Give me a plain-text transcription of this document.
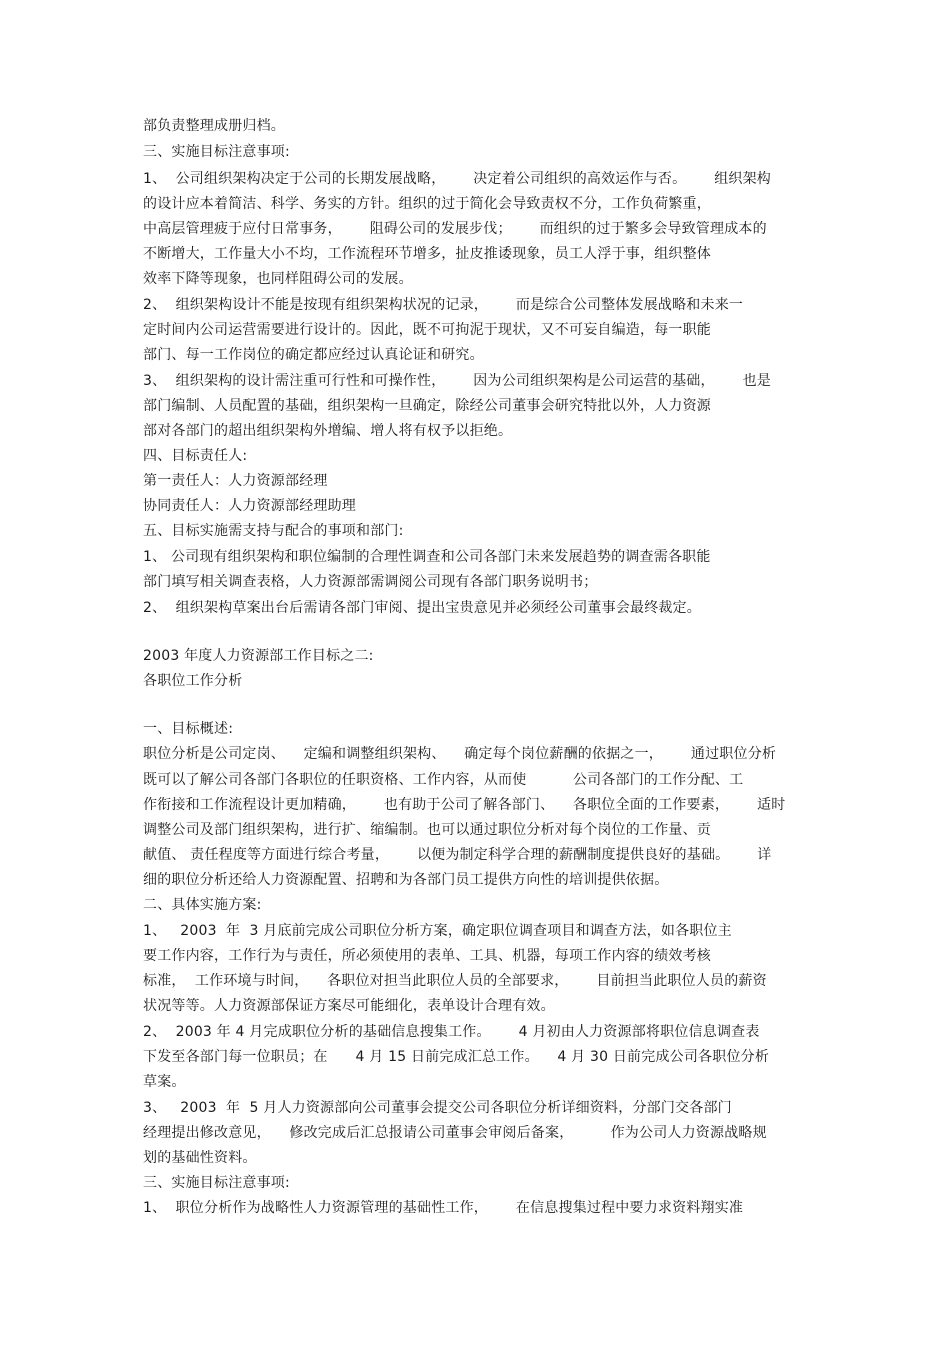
部负责整理成册归档。
三、实施目标注意事项:
1、  公司组织架构决定于公司的长期发展战略，      决定着公司组织的高效运作与否。      组织架构
的设计应本着简洁、科学、务实的方针。组织的过于简化会导致责权不分，工作负荷繁重，
中高层管理疲于应付日常事务，      阻碍公司的发展步伐；      而组织的过于繁多会导致管理成本的
不断增大，工作量大小不均，工作流程环节增多，扯皮推诿现象，员工人浮于事，组织整体
效率下降等现象，也同样阻碍公司的发展。
2、  组织架构设计不能是按现有组织架构状况的记录，      而是综合公司整体发展战略和未来一
定时间内公司运营需要进行设计的。因此，既不可拘泥于现状，又不可妄自编造，每一职能
部门、每一工作岗位的确定都应经过认真论证和研究。
3、  组织架构的设计需注重可行性和可操作性，      因为公司组织架构是公司运营的基础，      也是
部门编制、人员配置的基础，组织架构一旦确定，除经公司董事会研究特批以外，人力资源
部对各部门的超出组织架构外增编、增人将有权予以拒绝。
四、目标责任人:
第一责任人：人力资源部经理
协同责任人：人力资源部经理助理
五、目标实施需支持与配合的事项和部门:
1、 公司现有组织架构和职位编制的合理性调查和公司各部门未来发展趋势的调查需各职能
部门填写相关调查表格，人力资源部需调阅公司现有各部门职务说明书；
2、  组织架构草案出台后需请各部门审阅、提出宝贵意见并必须经公司董事会最终裁定。
2003 年度人力资源部工作目标之二:
各职位工作分析
一、目标概述:
职位分析是公司定岗、    定编和调整组织架构、    确定每个岗位薪酬的依据之一，      通过职位分析
既可以了解公司各部门各职位的任职资格、工作内容，从而使          公司各部门的工作分配、工
作衔接和工作流程设计更加精确，      也有助于公司了解各部门、    各职位全面的工作要素，      适时
调整公司及部门组织架构，进行扩、缩编制。也可以通过职位分析对每个岗位的工作量、贡
献值、 责任程度等方面进行综合考量，      以便为制定科学合理的薪酬制度提供良好的基础。      详
细的职位分析还给人力资源配置、招聘和为各部门员工提供方向性的培训提供依据。
二、具体实施方案:
1、   2003  年  3 月底前完成公司职位分析方案，确定职位调查项目和调查方法，如各职位主
要工作内容，工作行为与责任，所必须使用的表单、工具、机器，每项工作内容的绩效考核
标准，  工作环境与时间，    各职位对担当此职位人员的全部要求，      目前担当此职位人员的薪资
状况等等。人力资源部保证方案尽可能细化，表单设计合理有效。
2、  2003 年 4 月完成职位分析的基础信息搜集工作。      4 月初由人力资源部将职位信息调查表
下发至各部门每一位职员；在      4 月 15 日前完成汇总工作。    4 月 30 日前完成公司各职位分析
草案。
3、   2003  年  5 月人力资源部向公司董事会提交公司各职位分析详细资料，分部门交各部门
经理提出修改意见，    修改完成后汇总报请公司董事会审阅后备案，        作为公司人力资源战略规
划的基础性资料。
三、实施目标注意事项:
1、  职位分析作为战略性人力资源管理的基础性工作，      在信息搜集过程中要力求资料翔实准
